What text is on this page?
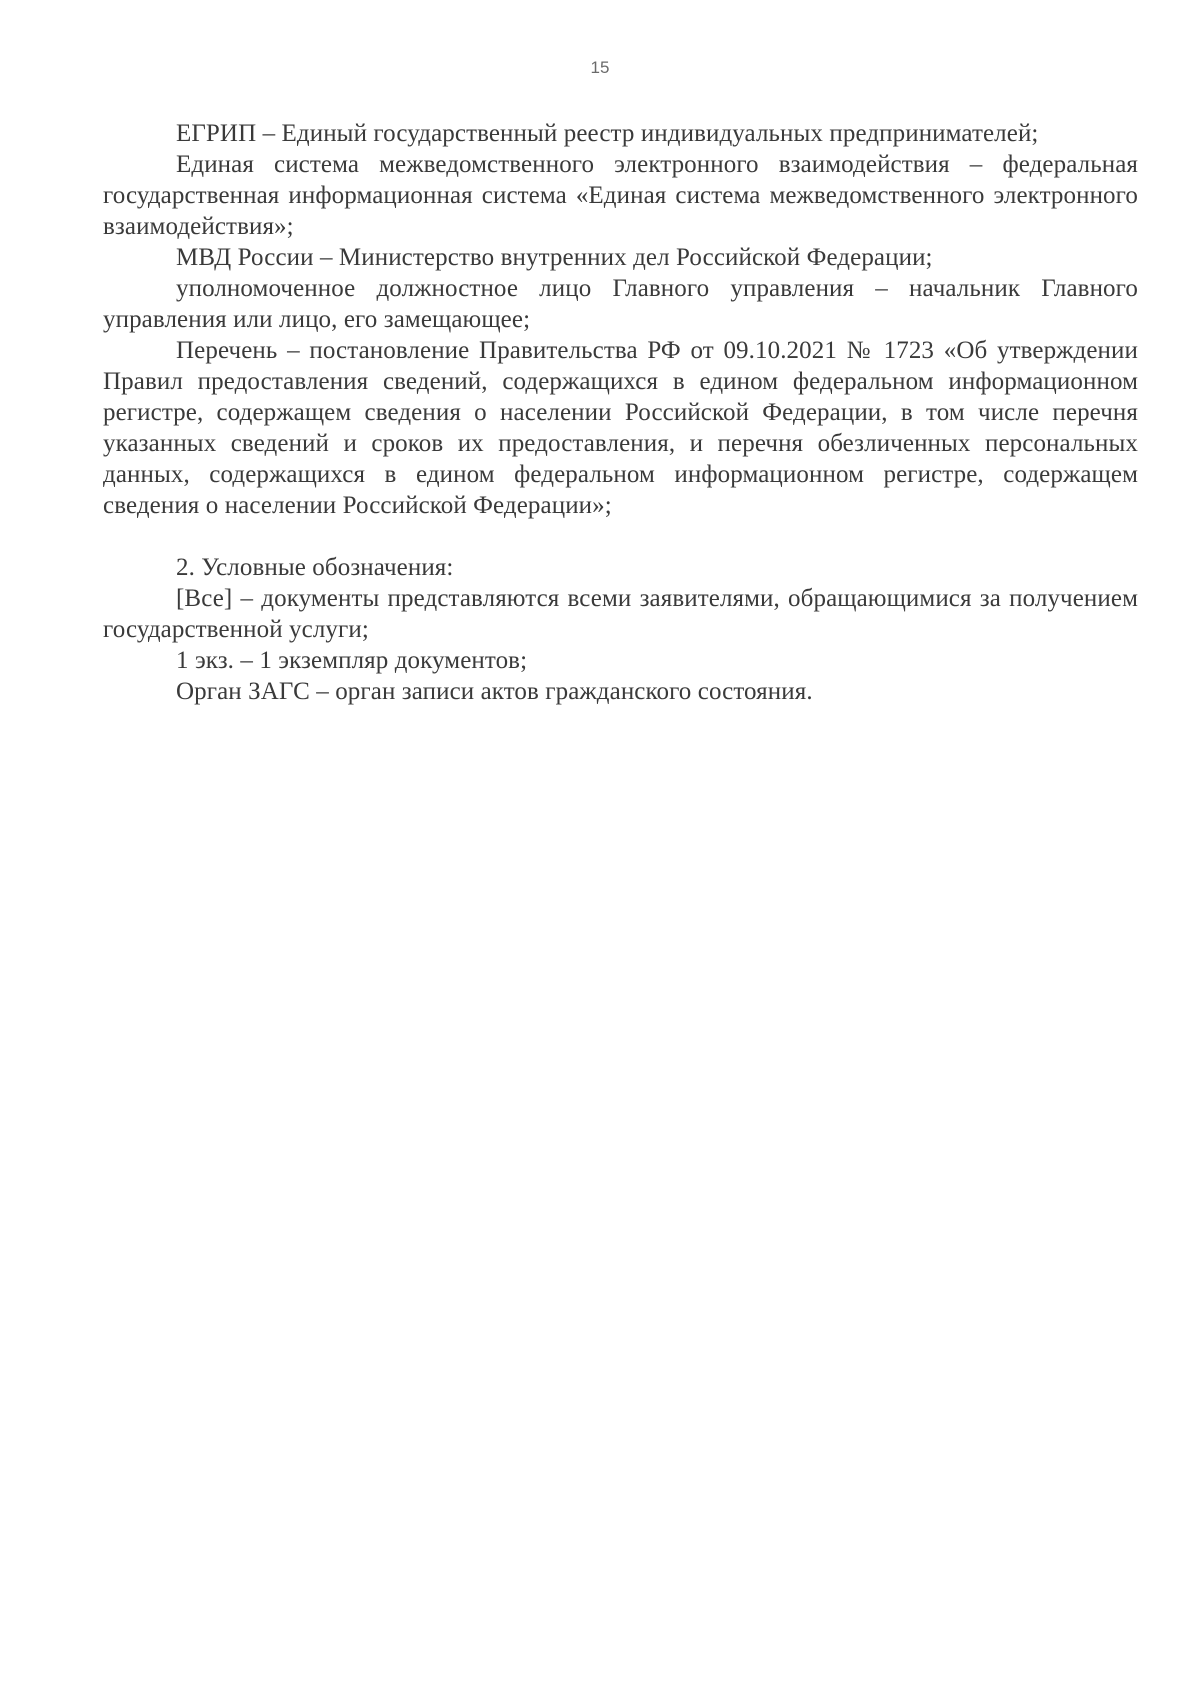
15

ЕГРИП – Единый государственный реестр индивидуальных предпринимателей;

Единая система межведомственного электронного взаимодействия – федеральная государственная информационная система «Единая система межведомственного электронного взаимодействия»;

МВД России – Министерство внутренних дел Российской Федерации;

уполномоченное должностное лицо Главного управления – начальник Главного управления или лицо, его замещающее;

Перечень – постановление Правительства РФ от 09.10.2021 № 1723 «Об утверждении Правил предоставления сведений, содержащихся в едином федеральном информационном регистре, содержащем сведения о населении Российской Федерации, в том числе перечня указанных сведений и сроков их предоставления, и перечня обезличенных персональных данных, содержащихся в едином федеральном информационном регистре, содержащем сведения о населении Российской Федерации»;

2. Условные обозначения:

[Все] – документы представляются всеми заявителями, обращающимися за получением государственной услуги;

1 экз. – 1 экземпляр документов;

Орган ЗАГС – орган записи актов гражданского состояния.
